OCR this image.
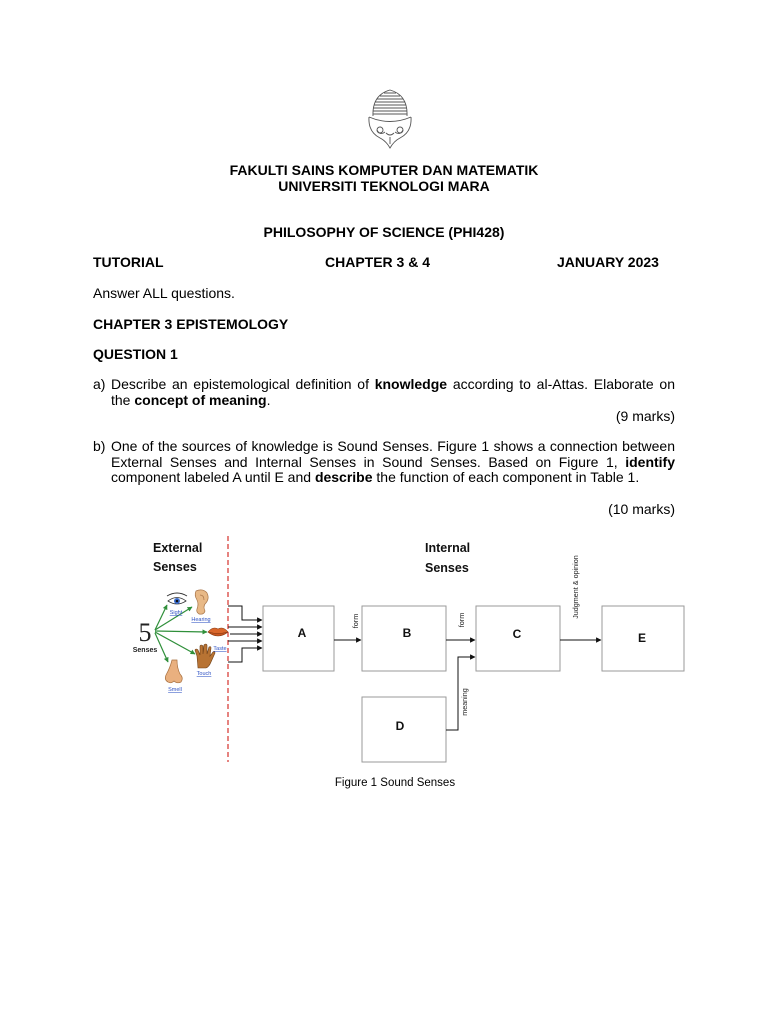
FAKULTI SAINS KOMPUTER DAN MATEMATIK
UNIVERSITI TEKNOLOGI MARA
PHILOSOPHY OF SCIENCE (PHI428)
TUTORIAL	CHAPTER 3 & 4	JANUARY 2023
Answer ALL questions.
CHAPTER 3 EPISTEMOLOGY
QUESTION 1
a) Describe an epistemological definition of knowledge according to al-Attas. Elaborate on the concept of meaning.
(9 marks)
b) One of the sources of knowledge is Sound Senses. Figure 1 shows a connection between External Senses and Internal Senses in Sound Senses. Based on Figure 1, identify component labeled A until E and describe the function of each component in Table 1.
(10 marks)
External
Senses
Internal
Senses
5
Senses
Sight
Hearing
Taste
Touch
Smell
A	B	C
D
E
form	form
Judgment & opinion
meaning
Figure 1 Sound Senses
